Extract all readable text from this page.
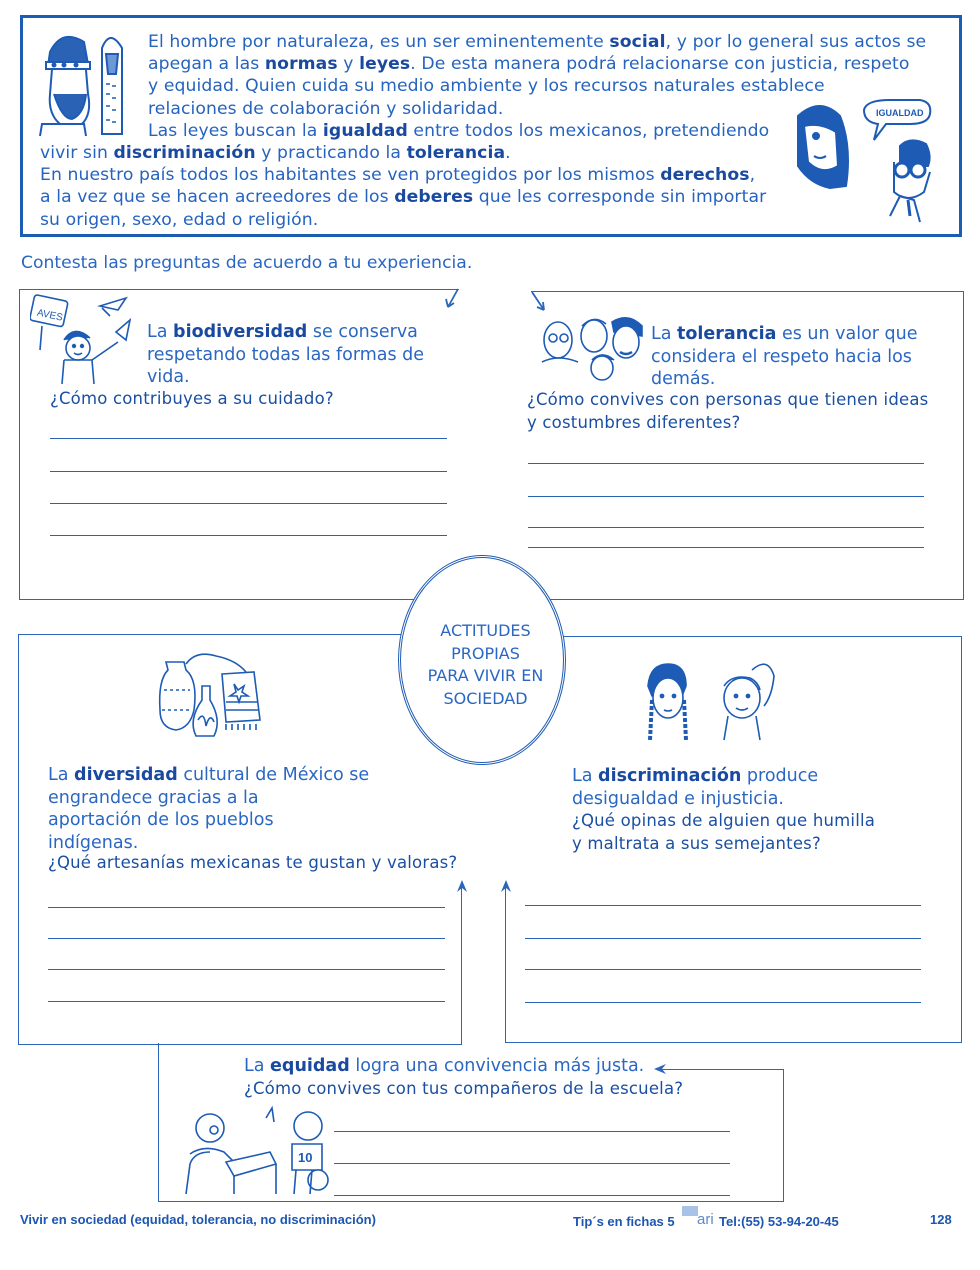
El hombre por naturaleza, es un ser eminentemente social, y por lo general sus actos se
apegan a las normas y leyes. De esta manera podrá relacionarse con justicia, respeto
y equidad. Quien cuida su medio ambiente y los recursos naturales establece
relaciones de colaboración y solidaridad.
Las leyes buscan la igualdad entre todos los mexicanos, pretendiendo
vivir sin discriminación y practicando la tolerancia.
En nuestro país todos los habitantes se ven protegidos por los mismos derechos,
a la vez que se hacen acreedores de los deberes que les corresponde sin importar
su origen, sexo, edad o religión.
IGUALDAD
Contesta las preguntas de acuerdo a tu experiencia.
AVES
La biodiversidad se conserva
respetando todas las formas de
vida.
¿Cómo contribuyes a su cuidado?
La tolerancia es un valor que
considera el respeto hacia los
demás.
¿Cómo convives con personas que tienen ideas
y costumbres diferentes?
La diversidad cultural de México se
engrandece gracias a la
aportación de los pueblos
indígenas.
¿Qué artesanías mexicanas te gustan y valoras?
La discriminación produce
desigualdad e injusticia.
¿Qué opinas de alguien que humilla
y maltrata a sus semejantes?
ACTITUDES
PROPIAS
PARA VIVIR EN
SOCIEDAD
La equidad logra una convivencia más justa.
¿Cómo convives con tus compañeros de la escuela?
10
Vivir en sociedad (equidad, tolerancia, no discriminación)	Tip´s en fichas 5 ari Tel:(55) 53-94-20-45	128
